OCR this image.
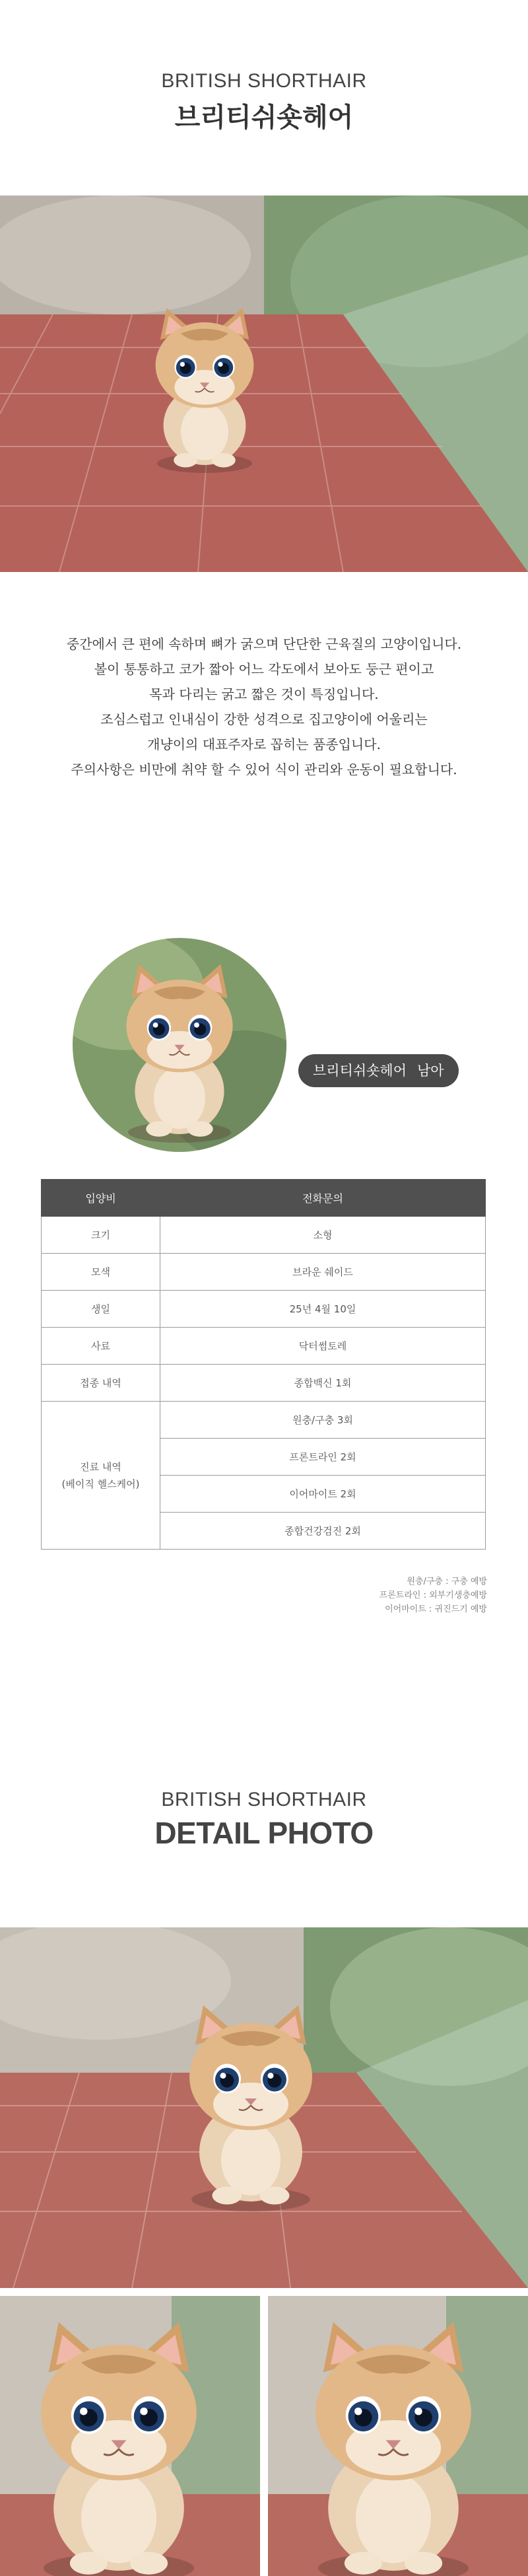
BRITISH SHORTHAIR
브리티쉬숏헤어

중간에서 큰 편에 속하며 뼈가 굵으며 단단한 근육질의 고양이입니다.

볼이 통통하고 코가 짧아 어느 각도에서 보아도 둥근 편이고

목과 다리는 굵고 짧은 것이 특징입니다.

조심스럽고 인내심이 강한 성격으로 집고양이에 어울리는

개냥이의 대표주자로 꼽히는 품종입니다.

주의사항은 비만에 취약 할 수 있어 식이 관리와 운동이 필요합니다.

브리티쉬숏헤어 남아
입양비	전화문의
크기	소형
모색	브라운 쉐이드
생일	25년 4월 10일
사료	닥터썸토레
접종 내역	종합백신 1회

진료 내역
(베이직 헬스케어)	원충/구충 3회
	프론트라인 2회
	이어마이트 2회
	종합건강검진 2회
원충/구충 : 구충 예방
프론트라인 : 외부기생충예방
이어마이트 : 귀진드기 예방
BRITISH SHORTHAIR
DETAIL PHOTO
